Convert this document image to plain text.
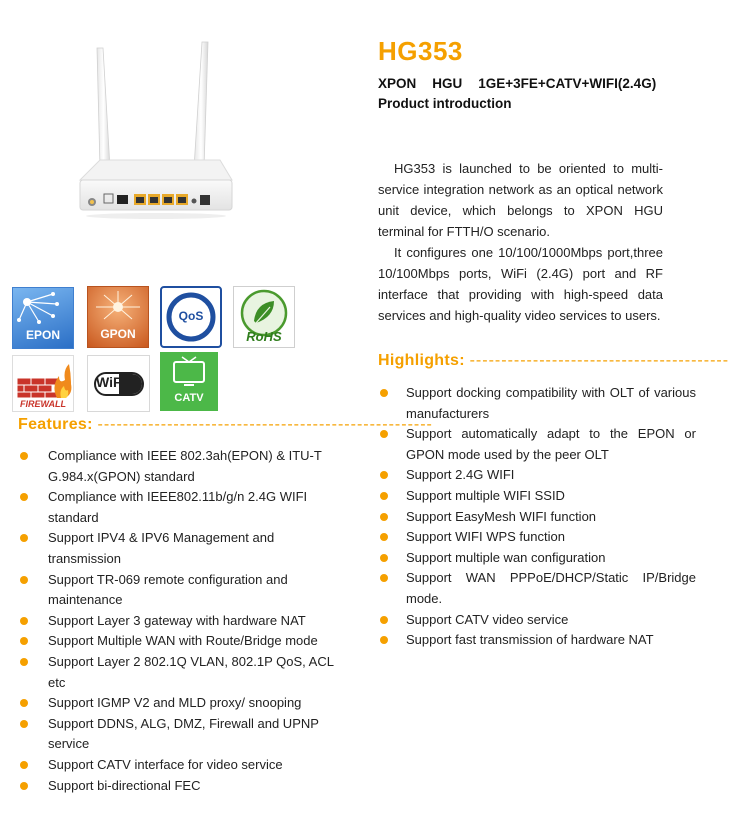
HG353
XPON HGU 1GE+3FE+CATV+WIFI(2.4G)
Product introduction

HG353 is launched to be oriented to multi-service integration network as an optical network unit device, which belongs to XPON HGU terminal for FTTH/O scenario.

It configures one 10/100/1000Mbps port,three 10/100Mbps ports, WiFi (2.4G) port and RF interface that providing with high-speed data services and high-quality video services to users.

EPON	GPON
QoS
RoHS
FIREWALL
WiFi
CATV
Highlights: -----------------------------------------
Support docking compatibility with OLT of various manufacturers
Support automatically adapt to the EPON or GPON mode used by the peer OLT
Support 2.4G WIFI
Support multiple WIFI SSID
Support EasyMesh WIFI function
Support WIFI WPS function
Support multiple wan configuration
Support WAN PPPoE/DHCP/Static IP/Bridge mode.
Support CATV video service
Support fast transmission of hardware NAT
Features: -----------------------------------------------------
Compliance with IEEE 802.3ah(EPON) & ITU-T G.984.x(GPON) standard
Compliance with IEEE802.11b/g/n 2.4G WIFI standard
Support IPV4 & IPV6 Management and transmission
Support TR-069 remote configuration and maintenance
Support Layer 3 gateway with hardware NAT
Support Multiple WAN with Route/Bridge mode
Support Layer 2 802.1Q VLAN, 802.1P QoS, ACL etc
Support IGMP V2 and MLD proxy/ snooping
Support DDNS, ALG, DMZ, Firewall and UPNP service
Support CATV interface for video service
Support bi-directional FEC
